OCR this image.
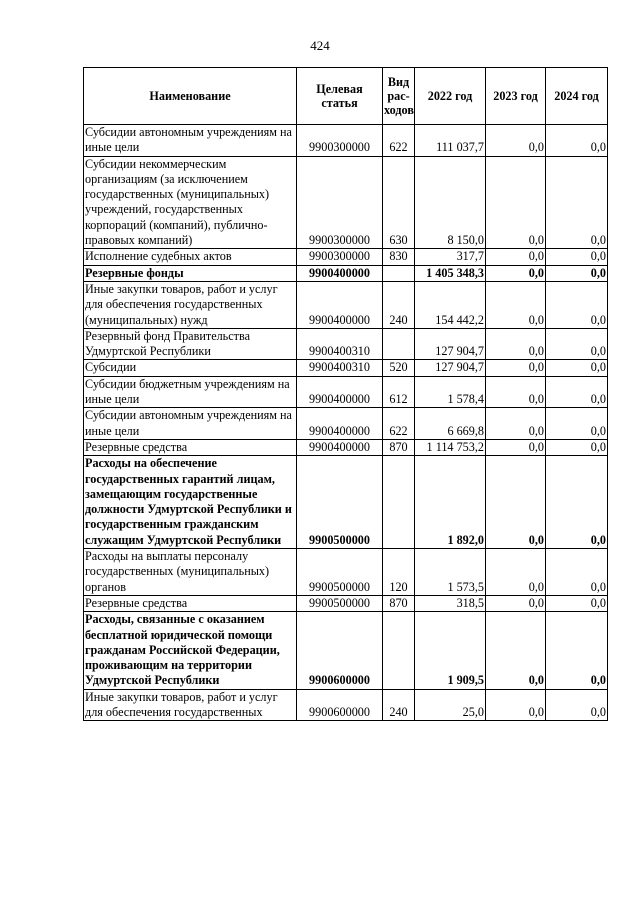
424
Наименование	Целевая статья	Вид рас-ходов	2022 год	2023 год	2024 год
Субсидии автономным учреждениям на иные цели	9900300000	622	111 037,7	0,0	0,0
Субсидии некоммерческим организациям (за исключением государственных (муниципальных) учреждений, государственных корпораций (компаний), публично-правовых компаний)	9900300000	630	8 150,0	0,0	0,0
Исполнение судебных актов	9900300000	830	317,7	0,0	0,0
Резервные фонды	9900400000		1 405 348,3	0,0	0,0
Иные закупки товаров, работ и услуг для обеспечения государственных (муниципальных) нужд	9900400000	240	154 442,2	0,0	0,0
Резервный фонд Правительства Удмуртской Республики	9900400310		127 904,7	0,0	0,0
Субсидии	9900400310	520	127 904,7	0,0	0,0
Субсидии бюджетным учреждениям на иные цели	9900400000	612	1 578,4	0,0	0,0
Субсидии автономным учреждениям на иные цели	9900400000	622	6 669,8	0,0	0,0
Резервные средства	9900400000	870	1 114 753,2	0,0	0,0
Расходы на обеспечение государственных гарантий лицам, замещающим государственные должности Удмуртской Республики и государственным гражданским служащим Удмуртской Республики	9900500000		1 892,0	0,0	0,0
Расходы на выплаты персоналу государственных (муниципальных) органов	9900500000	120	1 573,5	0,0	0,0
Резервные средства	9900500000	870	318,5	0,0	0,0
Расходы, связанные с оказанием бесплатной юридической помощи гражданам Российской Федерации, проживающим на территории Удмуртской Республики	9900600000		1 909,5	0,0	0,0
Иные закупки товаров, работ и услуг для обеспечения государственных	9900600000	240	25,0	0,0	0,0
